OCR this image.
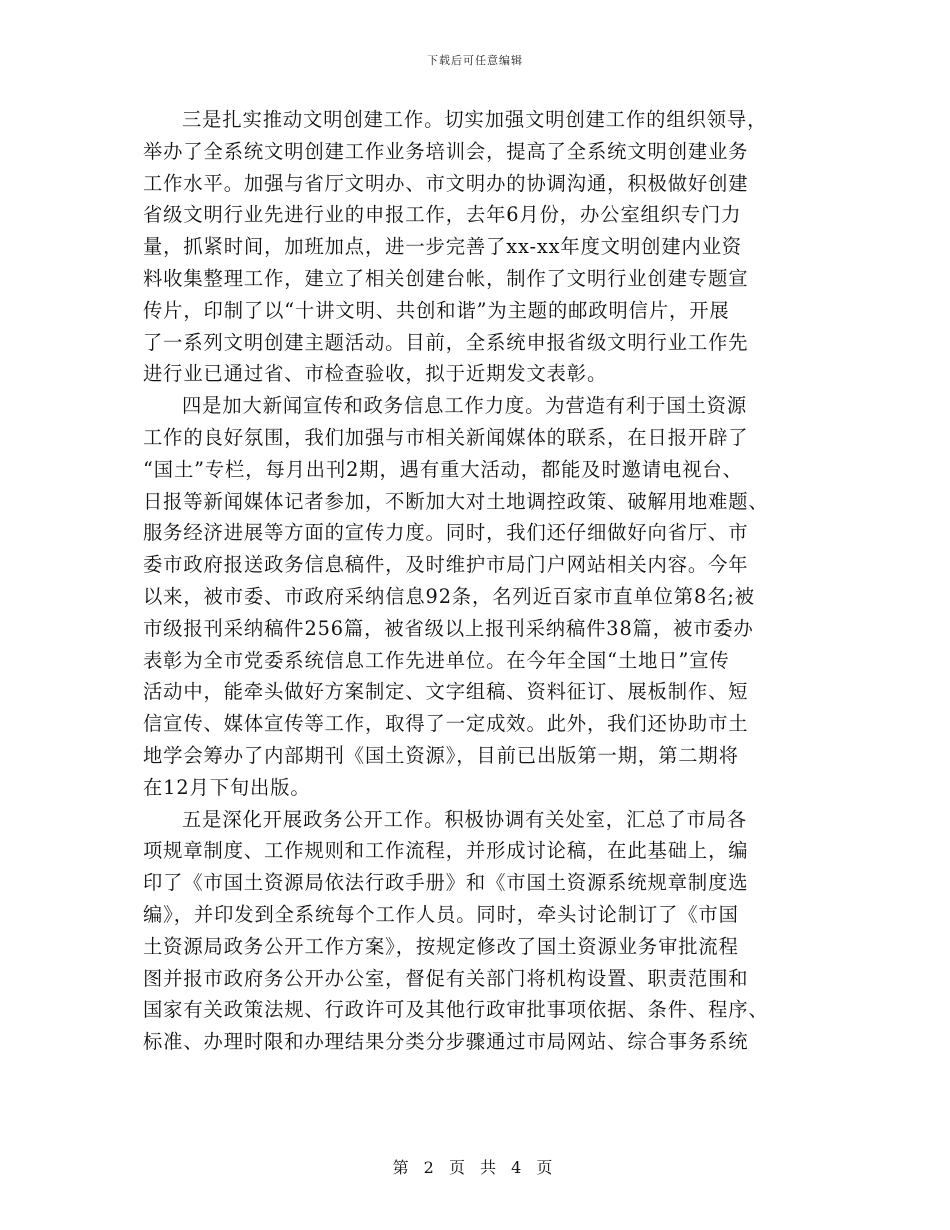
下载后可任意编辑
三是扎实推动文明创建工作。切实加强文明创建工作的组织领导，
举办了全系统文明创建工作业务培训会，提高了全系统文明创建业务
工作水平。加强与省厅文明办、市文明办的协调沟通，积极做好创建
省级文明行业先进行业的申报工作，去年6月份，办公室组织专门力
量，抓紧时间，加班加点，进一步完善了xx-xx年度文明创建内业资
料收集整理工作，建立了相关创建台帐，制作了文明行业创建专题宣
传片，印制了以“十讲文明、共创和谐”为主题的邮政明信片，开展
了一系列文明创建主题活动。目前，全系统申报省级文明行业工作先
进行业已通过省、市检查验收，拟于近期发文表彰。
四是加大新闻宣传和政务信息工作力度。为营造有利于国土资源
工作的良好氛围，我们加强与市相关新闻媒体的联系，在日报开辟了
“国土”专栏，每月出刊2期，遇有重大活动，都能及时邀请电视台、
日报等新闻媒体记者参加，不断加大对土地调控政策、破解用地难题、
服务经济进展等方面的宣传力度。同时，我们还仔细做好向省厅、市
委市政府报送政务信息稿件，及时维护市局门户网站相关内容。今年
以来，被市委、市政府采纳信息92条，名列近百家市直单位第8名;被
市级报刊采纳稿件256篇，被省级以上报刊采纳稿件38篇，被市委办
表彰为全市党委系统信息工作先进单位。在今年全国“土地日”宣传
活动中，能牵头做好方案制定、文字组稿、资料征订、展板制作、短
信宣传、媒体宣传等工作，取得了一定成效。此外，我们还协助市土
地学会筹办了内部期刊《国土资源》，目前已出版第一期，第二期将
在12月下旬出版。
五是深化开展政务公开工作。积极协调有关处室，汇总了市局各
项规章制度、工作规则和工作流程，并形成讨论稿，在此基础上，编
印了《市国土资源局依法行政手册》和《市国土资源系统规章制度选
编》，并印发到全系统每个工作人员。同时，牵头讨论制订了《市国
土资源局政务公开工作方案》，按规定修改了国土资源业务审批流程
图并报市政府务公开办公室，督促有关部门将机构设置、职责范围和
国家有关政策法规、行政许可及其他行政审批事项依据、条件、程序、
标准、办理时限和办理结果分类分步骤通过市局网站、综合事务系统
第 2 页 共 4 页
